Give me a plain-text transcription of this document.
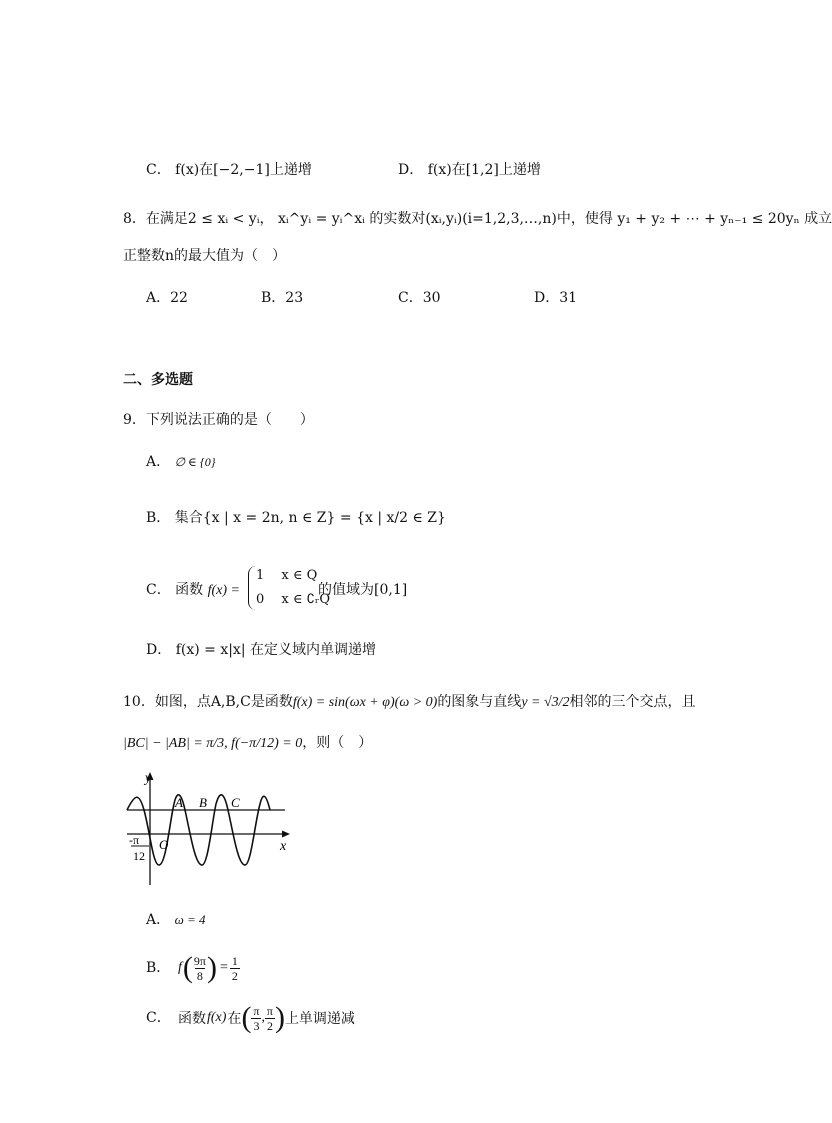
C． f(x)在[−2,−1]上递增	D． f(x)在[1,2]上递增
8．在满足2 ≤ xᵢ < yᵢ， xᵢ^yᵢ = yᵢ^xᵢ 的实数对(xᵢ,yᵢ)(i=1,2,3,…,n)中，使得 y₁ + y₂ + ⋯ + yₙ₋₁ ≤ 20yₙ 成立
正整数n的最大值为（　）
A．22	B．23	C．30	D．31
二、多选题
9．下列说法正确的是（　　）
A． ∅ ∈ {0}
B． 集合{x | x = 2n, n ∈ Z} = {x | x/2 ∈ Z}
C． 函数 f(x) =
1　 x ∈ Q
0　 x ∈ ∁ᵣQ
的值域为[0,1]
D． f(x) = x|x| 在定义域内单调递增
10．如图，点A,B,C是函数f(x) = sin(ωx + φ)(ω > 0)的图象与直线y = √3/2相邻的三个交点，且
|BC| − |AB| = π/3, f(−π/12) = 0，则（　）
y
x
O
A B C
-π
12
A． ω = 4
B． f ( $\frac{9\pi}{8}$ ) = $\frac{1}{2}$
C． 函数 f(x) 在 ( $\frac{\pi}{3}$ , $\frac{\pi}{2}$ ) 上单调递减
